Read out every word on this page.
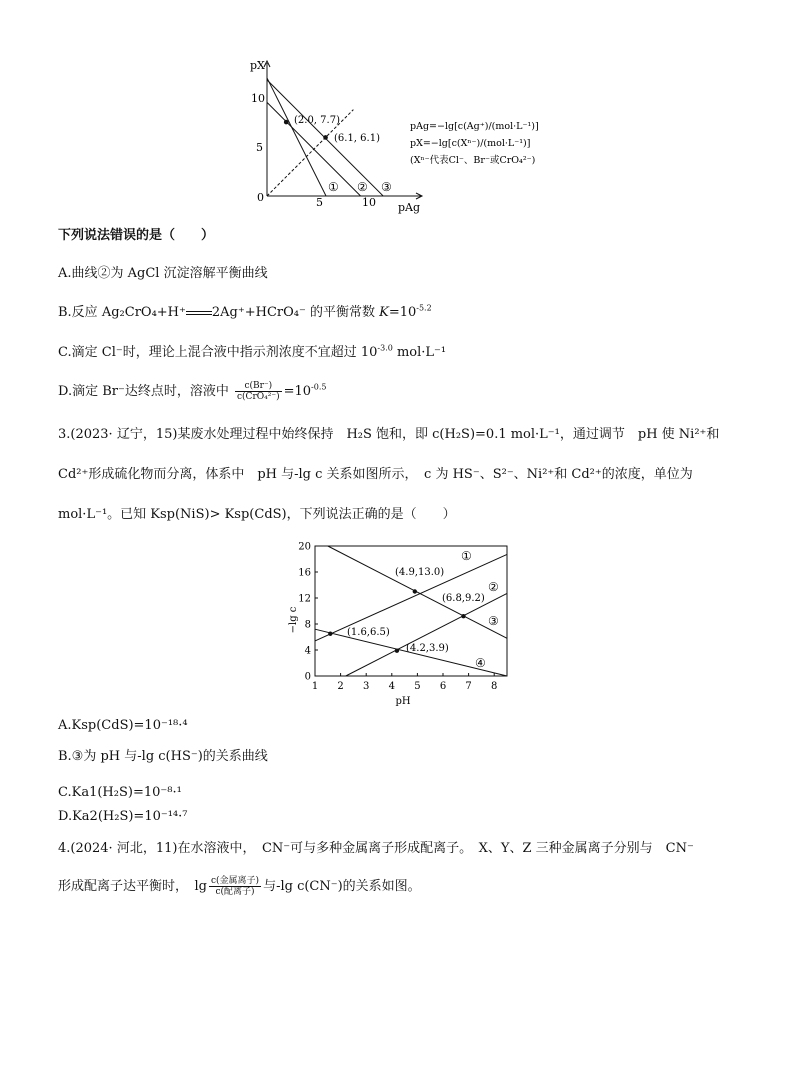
pX
pAg
0	5	10
5
10
(2.0, 7.7)
(6.1, 6.1)
① ② ③
pAg=−lg[c(Ag⁺)/(mol·L⁻¹)]
pX=−lg[c(Xⁿ⁻)/(mol·L⁻¹)]
(Xⁿ⁻代表Cl⁻、Br⁻或CrO₄²⁻)
下列说法错误的是（　　）
A.曲线②为 AgCl 沉淀溶解平衡曲线
B.反应 Ag₂CrO₄+H⁺ 2Ag⁺+HCrO₄⁻ 的平衡常数 $K=10^{-5.2}$
C.滴定 Cl⁻时，理论上混合液中指示剂浓度不宜超过 $10^{-3.0}$ mol·L⁻¹
D.滴定 Br⁻达终点时，溶液中 $\frac{c(Br^-)}{\text{c(CrO₄²⁻)}} =10^{-0.5}$
3.(2023· 辽宁，15)某废水处理过程中始终保持　H₂S 饱和，即 c(H₂S)=0.1 mol·L⁻¹，通过调节　pH 使 Ni²⁺和
Cd²⁺形成硫化物而分离，体系中　pH 与-lg c 关系如图所示，　c 为 HS⁻、S²⁻、Ni²⁺和 Cd²⁺的浓度，单位为
mol·L⁻¹。已知 Ksp(NiS)> Ksp(CdS)，下列说法正确的是（　　）
1 2 3 4 5 6 7 8
0
4
8
12
16
20
−lg c
pH
(4.9,13.0)
(6.8,9.2)
(1.6,6.5)
(4.2,3.9)
①
②
③
④
A.Ksp(CdS)=10⁻¹⁸·⁴
B.③为 pH 与-lg c(HS⁻)的关系曲线
C.Ka1(H₂S)=10⁻⁸·¹
D.Ka2(H₂S)=10⁻¹⁴·⁷
4.(2024· 河北，11)在水溶液中，　CN⁻可与多种金属离子形成配离子。　X、Y、Z 三种金属离子分别与　CN⁻
形成配离子达平衡时，　$\lg \frac{\text{c(金属离子)}}{\text{c(配离子)}}$ 与-lg c(CN⁻)的关系如图。
